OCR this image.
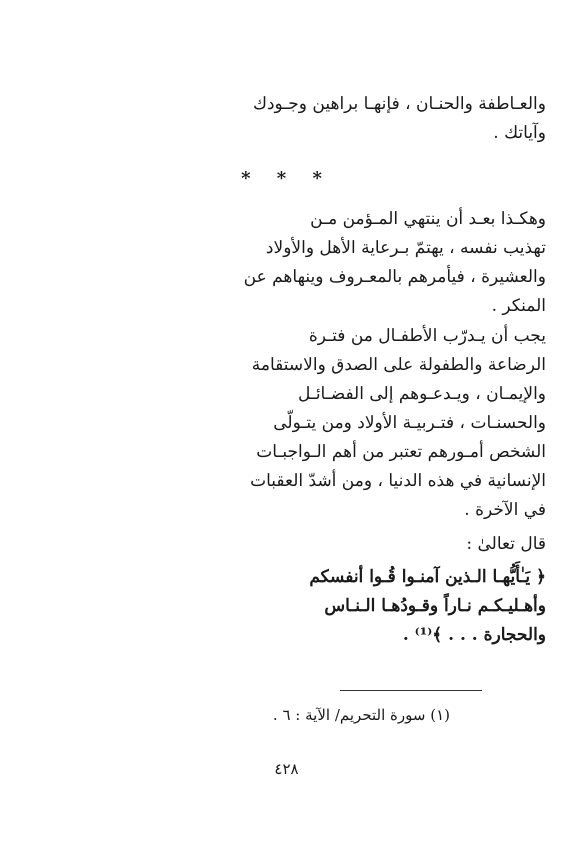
والعـاطفة والحنـان ، فإنهـا براهين وجـودك
وآياتك .
* * *
وهكـذا بعـد أن ينتهي المـؤمن مـن
تهذيب نفسه ، يهتمّ بـرعاية الأهل والأولاد
والعشيرة ، فيأمرهم بالمعـروف وينهاهم عن
المنكر .
يجب أن يـدرّب الأطفـال من فتـرة
الرضاعة والطفولة على الصدق والاستقامة
والإيمـان ، ويـدعـوهم إلى الفضـائـل
والحسنـات ، فتـربيـة الأولاد ومن يتـولّى
الشخص أمـورهم تعتبر من أهم الـواجبـات
الإنسانية في هذه الدنيا ، ومن أشدّ العقبات
في الآخرة .
قال تعالىٰ :
﴿ يَـٰأَيُّهـا الـذين آمنـوا قُـوا أنفسكم
وأهـليـكـم نـاراً وقـودُهـا الـنـاس
والحجارة . . . ﴾⁽¹⁾ .
(١) سورة التحريم/ الآية : ٦ .
٤٢٨
